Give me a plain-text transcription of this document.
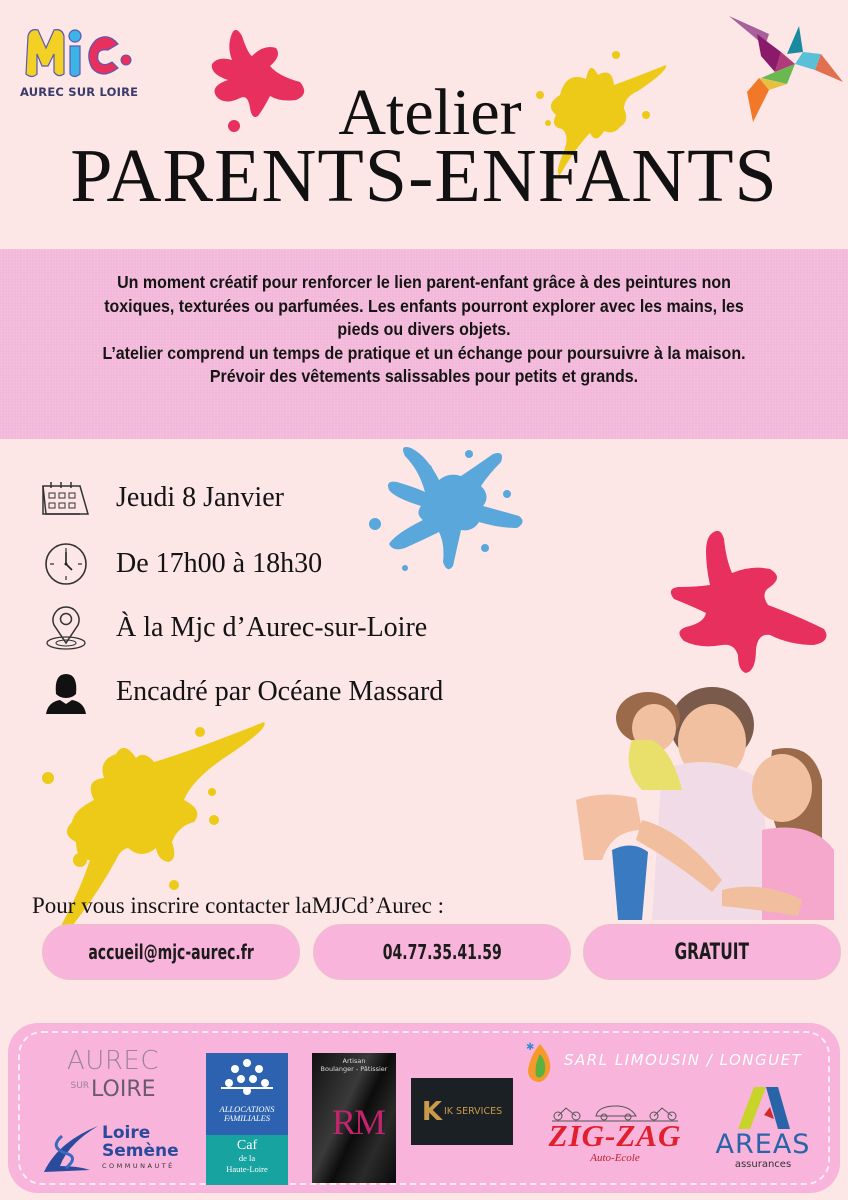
AUREC SUR LOIRE	Atelier
PARENTS-ENFANTS

Un moment créatif pour renforcer le lien parent-enfant grâce à des peintures non

toxiques, texturées ou parfumées. Les enfants pourront explorer avec les mains, les

pieds ou divers objets.

L’atelier comprend un temps de pratique et un échange pour poursuivre à la maison.

Prévoir des vêtements salissables pour petits et grands.

Jeudi 8 Janvier
De 17h00 à 18h30
À la Mjc d’Aurec-sur-Loire
Encadré par Océane Massard
Pour vous inscrire contacter laMJCd’Aurec :
accueil@mjc-aurec.fr	04.77.35.41.59	GRATUIT
AUREC
$^{SUR}$LOIRE
Loire
Semène
COMMUNAUTÉ
ALLOCATIONS
FAMILIALES
Caf
de la
Haute-Loire
Artisan
Boulanger - Pâtissier
RM K IK SERVICES
✱
SARL LIMOUSIN / LONGUET
ZIG-ZAG
Auto-Ecole	AREAS
assurances
